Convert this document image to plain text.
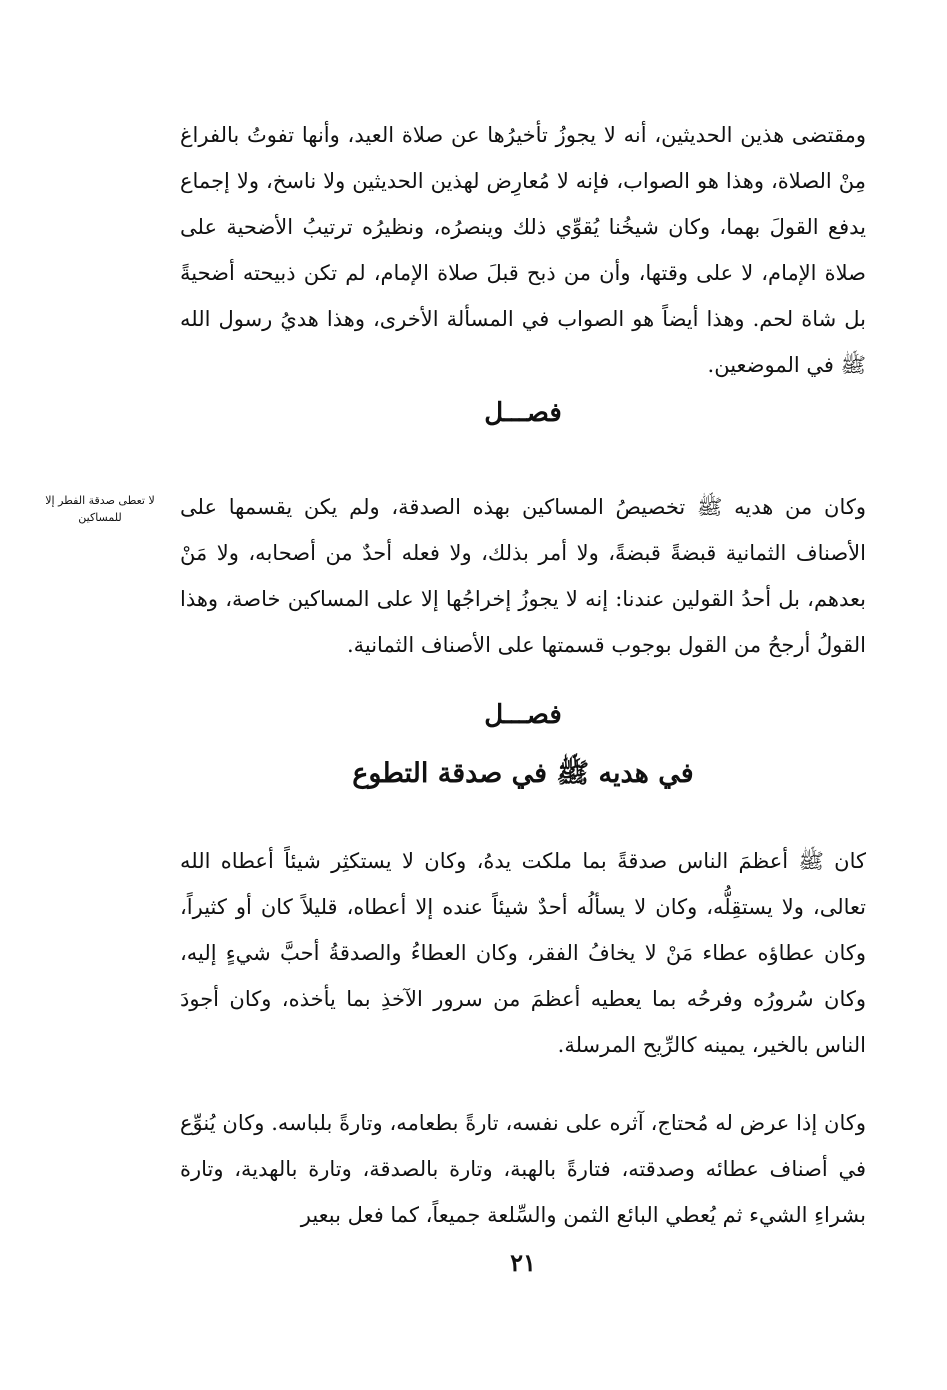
ومقتضى هذين الحديثين، أنه لا يجوزُ تأخيرُها عن صلاة العيد، وأنها تفوتُ بالفراغ مِنْ الصلاة، وهذا هو الصواب، فإنه لا مُعارِض لهذين الحديثين ولا ناسخ، ولا إجماع يدفع القولَ بهما، وكان شيخُنا يُقوِّي ذلك وينصرُه، ونظيرُه ترتيبُ الأضحية على صلاة الإمام، لا على وقتها، وأن من ذبح قبلَ صلاة الإمام، لم تكن ذبيحته أضحيةً بل شاة لحم. وهذا أيضاً هو الصواب في المسألة الأخرى، وهذا هديُ رسول الله ﷺ في الموضعين.

فصـــل
لا تعطى صدقة الفطر إلا للمساكين	وكان من هديه ﷺ تخصيصُ المساكين بهذه الصدقة، ولم يكن يقسمها على الأصناف الثمانية قبضةً قبضةً، ولا أمر بذلك، ولا فعله أحدٌ من أصحابه، ولا مَنْ بعدهم، بل أحدُ القولين عندنا: إنه لا يجوزُ إخراجُها إلا على المساكين خاصة، وهذا القولُ أرجحُ من القول بوجوب قسمتها على الأصناف الثمانية.

فصـــل
في هديه ﷺ في صدقة التطوع

كان ﷺ أعظمَ الناس صدقةً بما ملكت يدهُ، وكان لا يستكثِر شيئاً أعطاه الله تعالى، ولا يستقِلُّه، وكان لا يسألُه أحدٌ شيئاً عنده إلا أعطاه، قليلاً كان أو كثيراً، وكان عطاؤه عطاء مَنْ لا يخافُ الفقر، وكان العطاءُ والصدقةُ أحبَّ شيءٍ إليه، وكان سُرورُه وفرحُه بما يعطيه أعظمَ من سرور الآخذِ بما يأخذه، وكان أجودَ الناس بالخير، يمينه كالرِّيح المرسلة.

وكان إذا عرض له مُحتاج، آثره على نفسه، تارةً بطعامه، وتارةً بلباسه. وكان يُنوِّع في أصناف عطائه وصدقته، فتارةً بالهبة، وتارة بالصدقة، وتارة بالهدية، وتارة بشراءِ الشيء ثم يُعطي البائع الثمن والسِّلعة جميعاً، كما فعل ببعير

٢١
